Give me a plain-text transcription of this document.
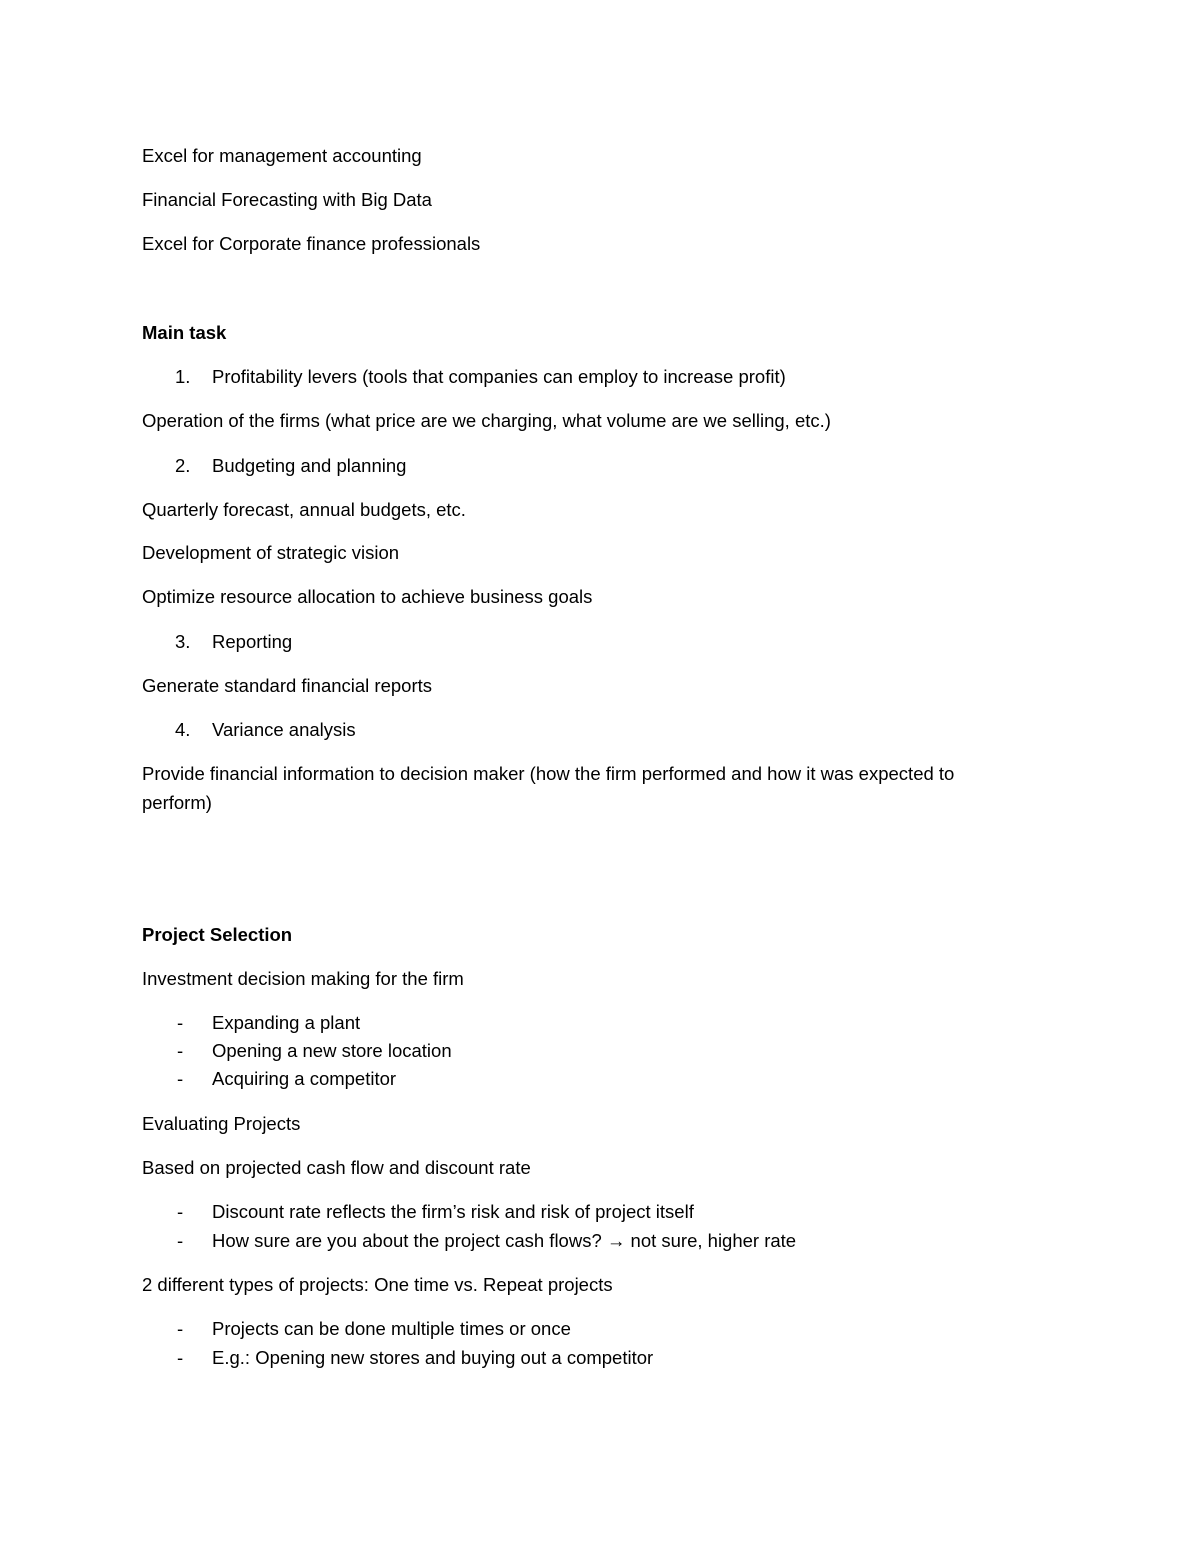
Excel for management accounting

Financial Forecasting with Big Data

Excel for Corporate finance professionals

Main task

1. Profitability levers (tools that companies can employ to increase profit)

Operation of the firms (what price are we charging, what volume are we selling, etc.)

2. Budgeting and planning

Quarterly forecast, annual budgets, etc.

Development of strategic vision

Optimize resource allocation to achieve business goals

3. Reporting

Generate standard financial reports

4. Variance analysis

Provide financial information to decision maker (how the firm performed and how it was expected to

perform)

Project Selection

Investment decision making for the firm

- Expanding a plant
- Opening a new store location
- Acquiring a competitor

Evaluating Projects

Based on projected cash flow and discount rate

- Discount rate reflects the firm’s risk and risk of project itself
- How sure are you about the project cash flows? → not sure, higher rate

2 different types of projects: One time vs. Repeat projects

- Projects can be done multiple times or once
- E.g.: Opening new stores and buying out a competitor
